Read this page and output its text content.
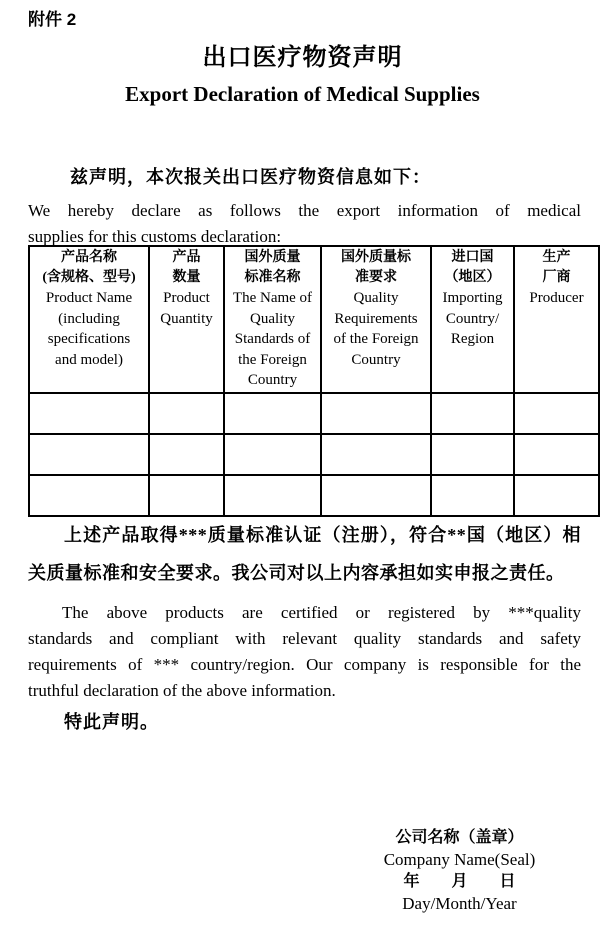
附件 2
出口医疗物资声明
Export Declaration of Medical Supplies
兹声明，本次报关出口医疗物资信息如下：
We hereby declare as follows the export information of medical
supplies for this customs declaration:
产品名称
(含规格、型号)
Product Name
(including
specifications
and model)

产品
数量
Product
Quantity

国外质量
标准名称
The Name of
Quality
Standards of
the Foreign
Country

国外质量标
准要求
Quality
Requirements
of the Foreign
Country

进口国
（地区）
Importing
Country/
Region

生产
厂商
Producer

上述产品取得***质量标准认证（注册），符合**国（地区）相
关质量标准和安全要求。我公司对以上内容承担如实申报之责任。
The above products are certified or registered by ***quality
standards and compliant with relevant quality standards and safety
requirements of *** country/region. Our company is responsible for the
truthful declaration of the above information.
特此声明。
公司名称（盖章）
Company Name(Seal)
年　　月　　日
Day/Month/Year
